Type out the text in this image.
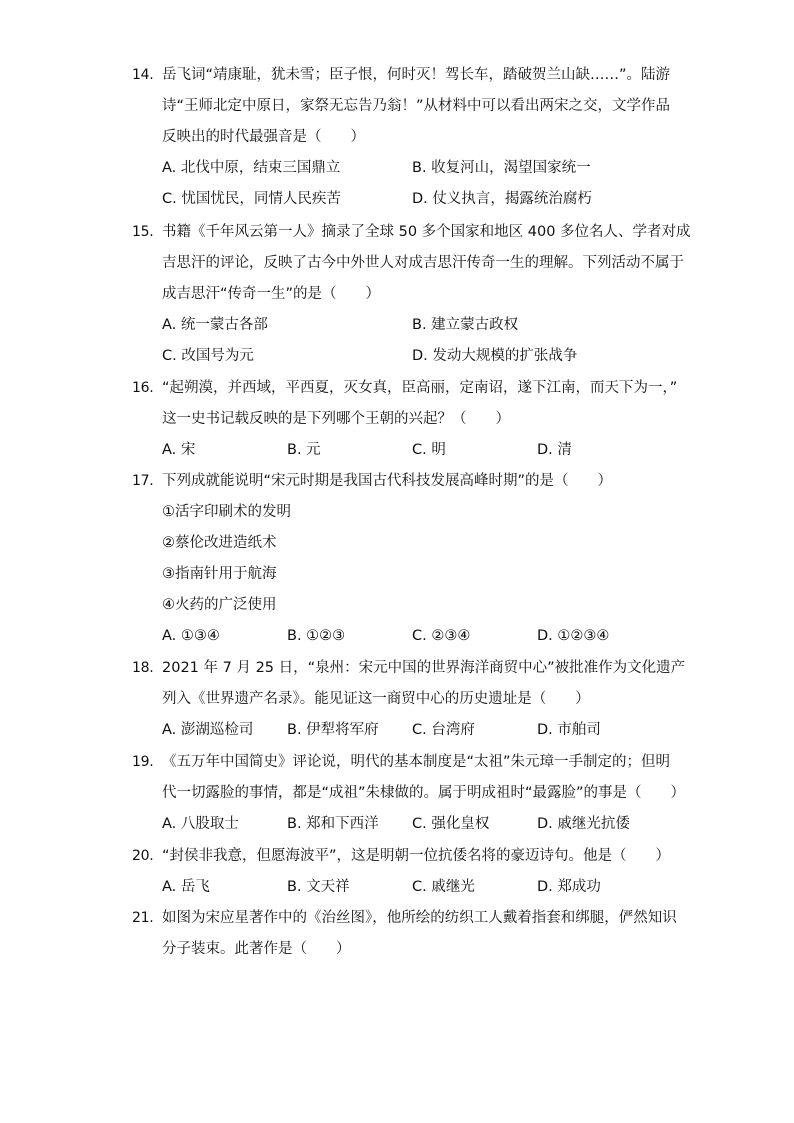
14. 岳飞词“靖康耻，犹未雪；臣子恨，何时灭！驾长车，踏破贺兰山缺……”。陆游
诗“王师北定中原日，家祭无忘告乃翁！”从材料中可以看出两宋之交，文学作品
反映出的时代最强音是（　　）
A. 北伐中原，结束三国鼎立	B. 收复河山，渴望国家统一
C. 忧国忧民，同情人民疾苦	D. 仗义执言，揭露统治腐朽
15. 书籍《千年风云第一人》摘录了全球 50 多个国家和地区 400 多位名人、学者对成
吉思汗的评论，反映了古今中外世人对成吉思汗传奇一生的理解。下列活动不属于
成吉思汗“传奇一生”的是（　　）
A. 统一蒙古各部	B. 建立蒙古政权
C. 改国号为元	D. 发动大规模的扩张战争
16. “起朔漠，并西域，平西夏，灭女真，臣高丽，定南诏，遂下江南，而天下为一，”
这一史书记载反映的是下列哪个王朝的兴起？（　　）
A. 宋	B. 元	C. 明	D. 清
17. 下列成就能说明“宋元时期是我国古代科技发展高峰时期”的是（　　）
①活字印刷术的发明
②蔡伦改进造纸术
③指南针用于航海
④火药的广泛使用
A. ①③④	B. ①②③	C. ②③④	D. ①②③④
18. 2021 年 7 月 25 日，“泉州：宋元中国的世界海洋商贸中心”被批准作为文化遗产
列入《世界遗产名录》。能见证这一商贸中心的历史遗址是（　　）
A. 澎湖巡检司 B. 伊犁将军府 C. 台湾府	D. 市舶司
19. 《五万年中国简史》评论说，明代的基本制度是“太祖”朱元璋一手制定的；但明
代一切露脸的事情，都是“成祖”朱棣做的。属于明成祖时“最露脸”的事是（　　）
A. 八股取士	B. 郑和下西洋 C. 强化皇权	D. 戚继光抗倭
20. “封侯非我意，但愿海波平”，这是明朝一位抗倭名将的豪迈诗句。他是（　　）
A. 岳飞	B. 文天祥	C. 戚继光	D. 郑成功
21. 如图为宋应星著作中的《治丝图》，他所绘的纺织工人戴着指套和绑腿，俨然知识
分子装束。此著作是（　　）
